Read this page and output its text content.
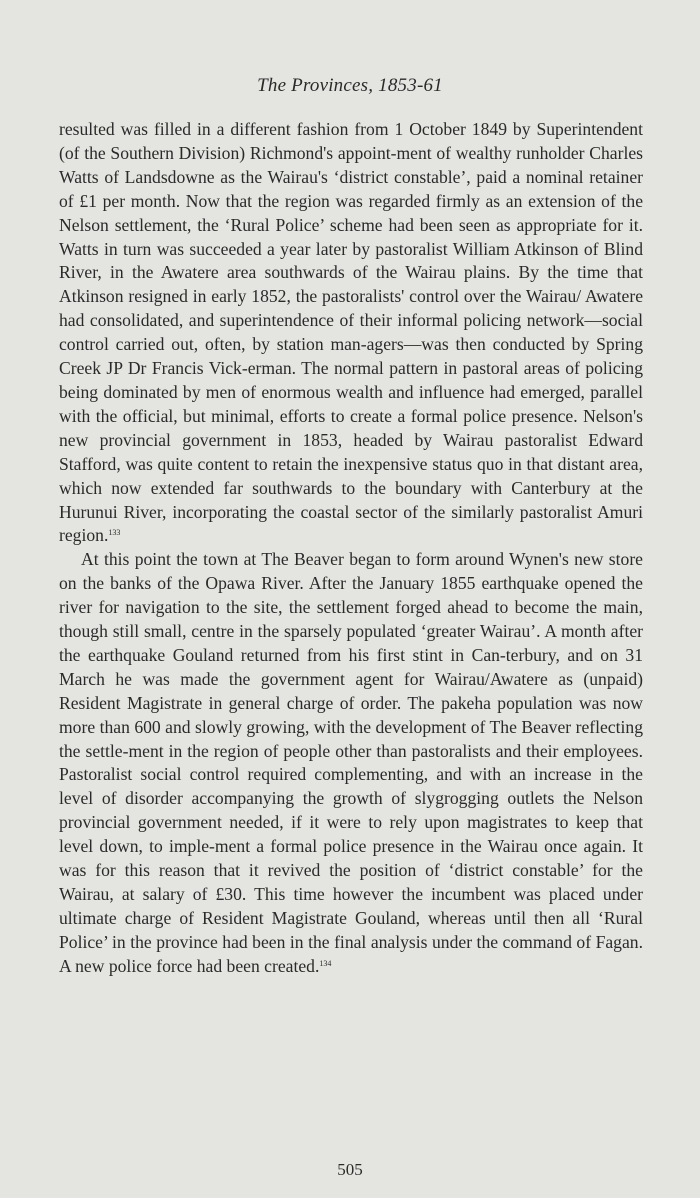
The Provinces, 1853-61

resulted was filled in a different fashion from 1 October 1849 by Superintendent (of the Southern Division) Richmond's appoint-ment of wealthy runholder Charles Watts of Landsdowne as the Wairau's ‘district constable’, paid a nominal retainer of £1 per month. Now that the region was regarded firmly as an extension of the Nelson settlement, the ‘Rural Police’ scheme had been seen as appropriate for it. Watts in turn was succeeded a year later by pastoralist William Atkinson of Blind River, in the Awatere area southwards of the Wairau plains. By the time that Atkinson resigned in early 1852, the pastoralists' control over the Wairau/ Awatere had consolidated, and superintendence of their informal policing network—social control carried out, often, by station man-agers—was then conducted by Spring Creek JP Dr Francis Vick-erman. The normal pattern in pastoral areas of policing being dominated by men of enormous wealth and influence had emerged, parallel with the official, but minimal, efforts to create a formal police presence. Nelson's new provincial government in 1853, headed by Wairau pastoralist Edward Stafford, was quite content to retain the inexpensive status quo in that distant area, which now extended far southwards to the boundary with Canterbury at the Hurunui River, incorporating the coastal sector of the similarly pastoralist Amuri region.$^{133}$

At this point the town at The Beaver began to form around Wynen's new store on the banks of the Opawa River. After the January 1855 earthquake opened the river for navigation to the site, the settlement forged ahead to become the main, though still small, centre in the sparsely populated ‘greater Wairau’. A month after the earthquake Gouland returned from his first stint in Can-terbury, and on 31 March he was made the government agent for Wairau/Awatere as (unpaid) Resident Magistrate in general charge of order. The pakeha population was now more than 600 and slowly growing, with the development of The Beaver reflecting the settle-ment in the region of people other than pastoralists and their employees. Pastoralist social control required complementing, and with an increase in the level of disorder accompanying the growth of slygrogging outlets the Nelson provincial government needed, if it were to rely upon magistrates to keep that level down, to imple-ment a formal police presence in the Wairau once again. It was for this reason that it revived the position of ‘district constable’ for the Wairau, at salary of £30. This time however the incumbent was placed under ultimate charge of Resident Magistrate Gouland, whereas until then all ‘Rural Police’ in the province had been in the final analysis under the command of Fagan. A new police force had been created.$^{134}$

505
